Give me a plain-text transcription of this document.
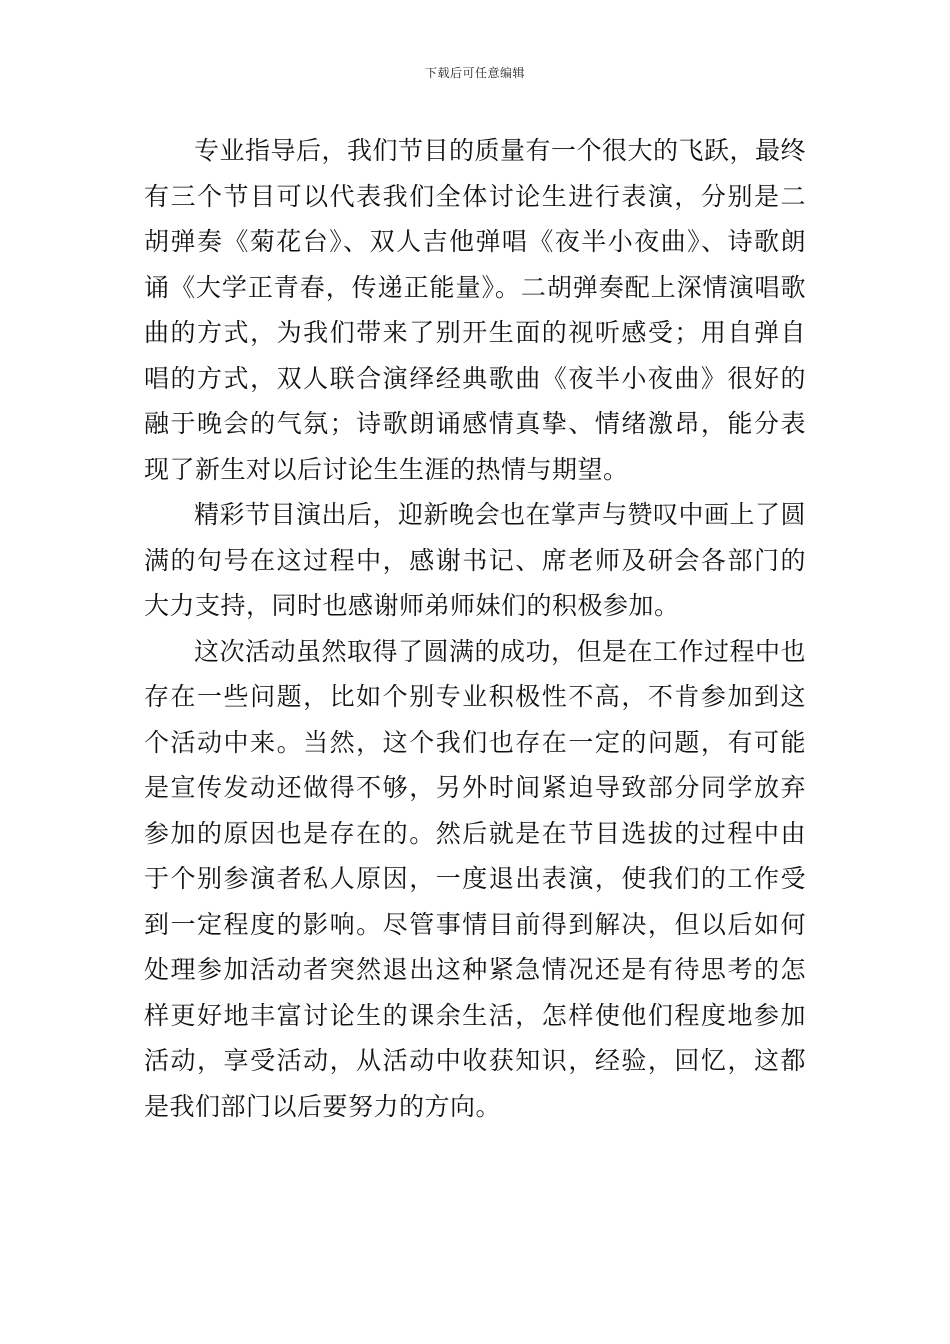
下载后可任意编辑

专业指导后，我们节目的质量有一个很大的飞跃，最终有三个节目可以代表我们全体讨论生进行表演，分别是二胡弹奏《菊花台》、双人吉他弹唱《夜半小夜曲》、诗歌朗诵《大学正青春，传递正能量》。二胡弹奏配上深情演唱歌曲的方式，为我们带来了别开生面的视听感受；用自弹自唱的方式，双人联合演绎经典歌曲《夜半小夜曲》很好的融于晚会的气氛；诗歌朗诵感情真挚、情绪激昂，能分表现了新生对以后讨论生生涯的热情与期望。

精彩节目演出后，迎新晚会也在掌声与赞叹中画上了圆满的句号在这过程中，感谢书记、席老师及研会各部门的大力支持，同时也感谢师弟师妹们的积极参加。

这次活动虽然取得了圆满的成功，但是在工作过程中也存在一些问题，比如个别专业积极性不高，不肯参加到这个活动中来。当然，这个我们也存在一定的问题，有可能是宣传发动还做得不够，另外时间紧迫导致部分同学放弃参加的原因也是存在的。然后就是在节目选拔的过程中由于个别参演者私人原因，一度退出表演，使我们的工作受到一定程度的影响。尽管事情目前得到解决，但以后如何处理参加活动者突然退出这种紧急情况还是有待思考的怎样更好地丰富讨论生的课余生活，怎样使他们程度地参加活动，享受活动，从活动中收获知识，经验，回忆，这都是我们部门以后要努力的方向。
